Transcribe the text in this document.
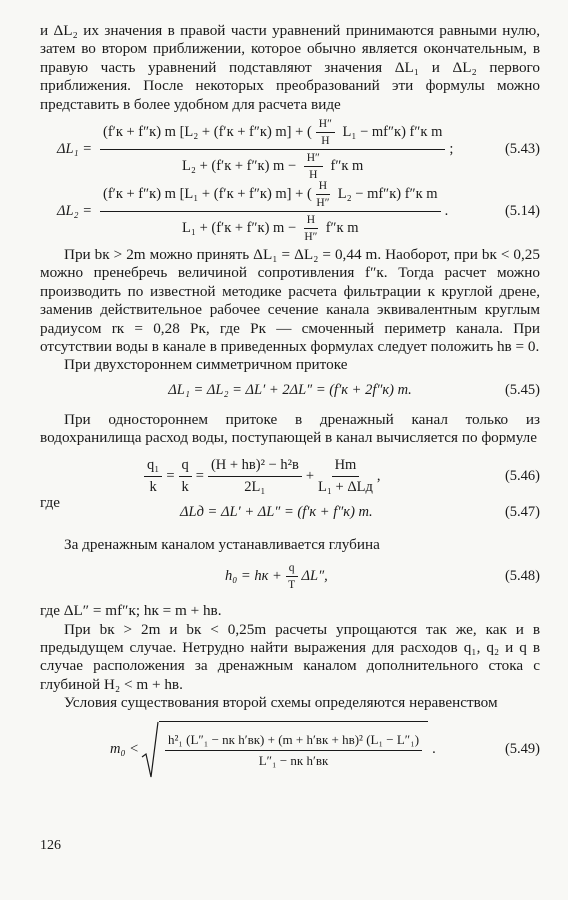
и ΔL₂ их значения в правой части уравнений принимаются равными нулю, затем во втором приближении, которое обычно является окончательным, в правую часть уравнений подставляют значения ΔL₁ и ΔL₂ первого приближения. После некоторых преобразований эти формулы можно представить в более удобном для расчета виде

ΔL₁ =
(f′к + f″к) m [L₂ + (f′к + f″к) m] + ( $\frac{H''}{H} L_1 - mf''к$) f″к m
L₂ + (f′к + f″к) $m - \frac{H''}{H} f''к$ m
;	(5.43)
ΔL₂ =
(f′к + f″к) m [L₁ + (f′к + f″к) m] + ( $\frac{H}{H''} L_2 - mf''к$) f″к m
L₁ + (f′к + f″к) $m - \frac{H}{H''} f''к$ m
.	(5.14)

При bк > 2m можно принять ΔL₁ = ΔL₂ = 0,44 m. Наоборот, при bк < 0,25 можно пренебречь величиной сопротивления f″к. Тогда расчет можно производить по известной методике расчета фильтрации к круглой дрене, заменив действительное рабочее сечение канала эквивалентным круглым радиусом rк = 0,28 Pк, где Pк — смоченный периметр канала. При отсутствии воды в канале в приведенных формулах следует положить hв = 0.

При двухстороннем симметричном притоке

ΔL₁ = ΔL₂ = ΔL′ + 2ΔL″ = (f′к + 2f″к) m.	(5.45)

При одностороннем притоке в дренажный канал только из водохранилища расход воды, поступающей в канал вычисляется по формуле

$\frac{\text{q₁}}{k} = \frac{q}{k} = \frac{\text{(H + hв)² − h²в}}{\text{2L₁}} + \frac{Hm}{\text{L₁ + ΔLд}}$ ,	(5.46)
где
ΔLд = ΔL′ + ΔL″ = (f′к + f″к) m.	(5.47)

За дренажным каналом устанавливается глубина

h₀ = hк + $\frac{q}{T} \Delta L''$,	(5.48)

где ΔL″ = mf″к; hк = m + hв.

При bк > 2m и bк < 0,25m расчеты упрощаются так же, как и в предыдущем случае. Нетрудно найти выражения для расходов q₁, q₂ и q в случае расположения за дренажным каналом дополнительного стока с глубиной H₂ < m + hв.

Условия существования второй схемы определяются неравенством

$m_0 < \frac{\text{h²₁ (L″₁ − nк h′вк) + (m + h′вк + hв)² (L₁ − L″₁)}}{\text{L″₁ − nк h′вк}}$ .	(5.49)
126
